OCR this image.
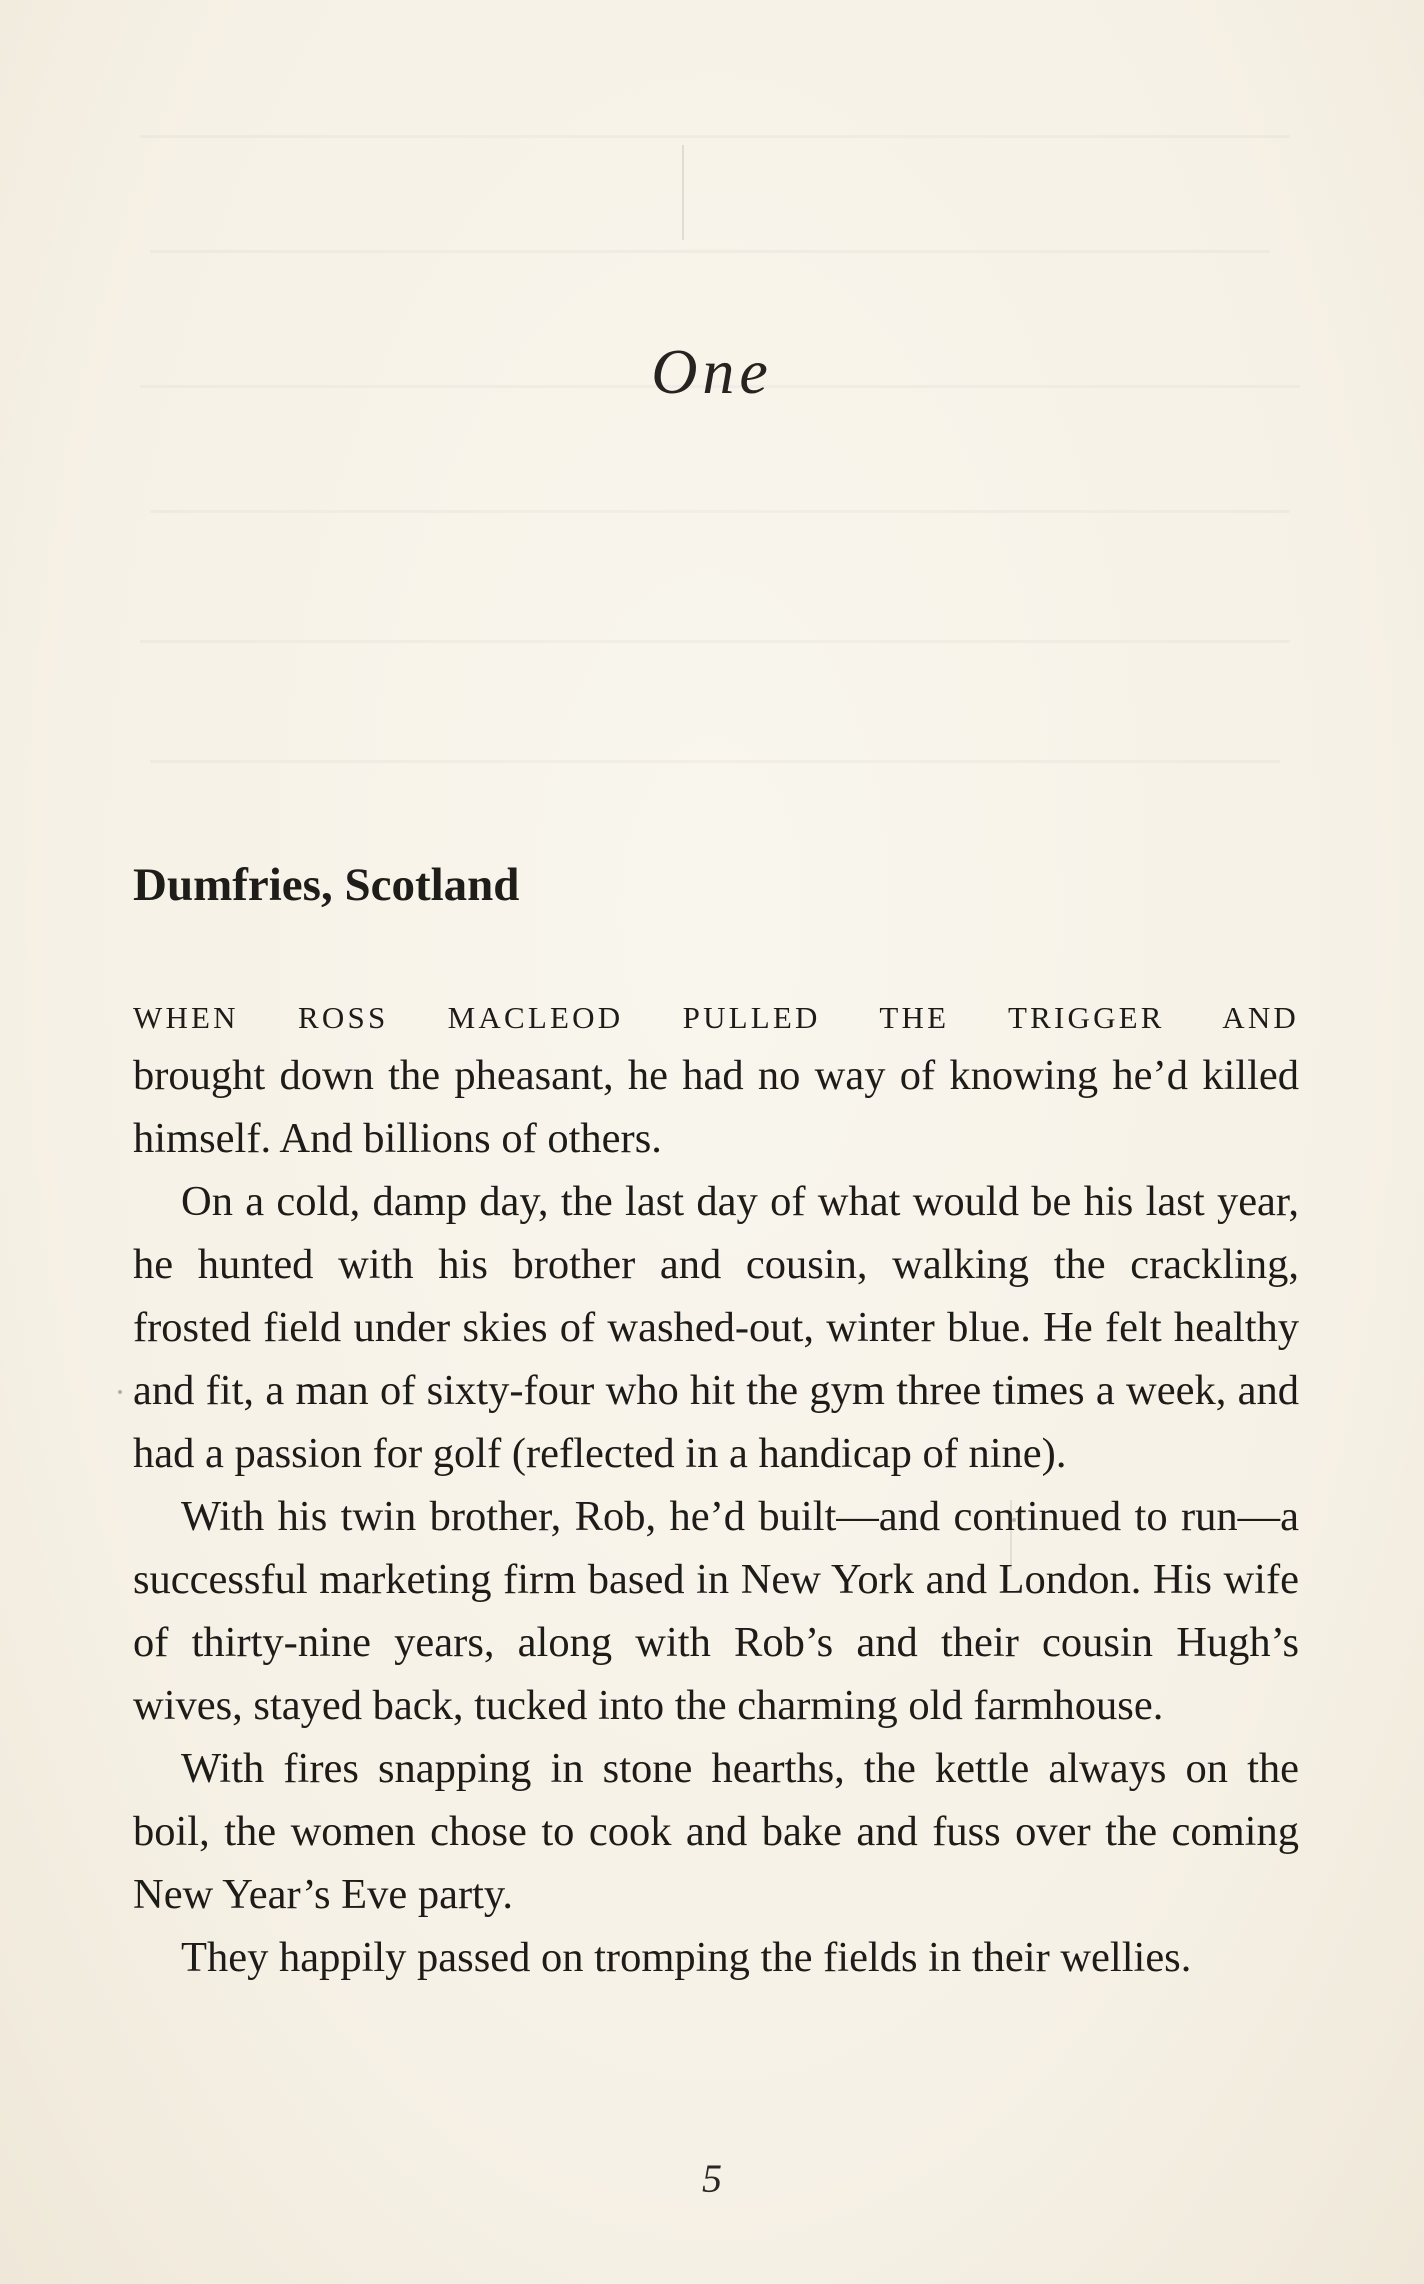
One
Dumfries, Scotland

WHEN ROSS MACLEOD PULLED THE TRIGGER AND
brought down the pheasant, he had no way of knowing he’d killed himself. And billions of others.

On a cold, damp day, the last day of what would be his last year, he hunted with his brother and cousin, walking the crackling, frosted field under skies of washed-out, winter blue. He felt healthy and fit, a man of sixty-four who hit the gym three times a week, and had a passion for golf (reflected in a handicap of nine).

With his twin brother, Rob, he’d built—and continued to run—a successful marketing firm based in New York and London. His wife of thirty-nine years, along with Rob’s and their cousin Hugh’s wives, stayed back, tucked into the charming old farmhouse.

With fires snapping in stone hearths, the kettle always on the boil, the women chose to cook and bake and fuss over the coming New Year’s Eve party.

They happily passed on tromping the fields in their wellies.

5
